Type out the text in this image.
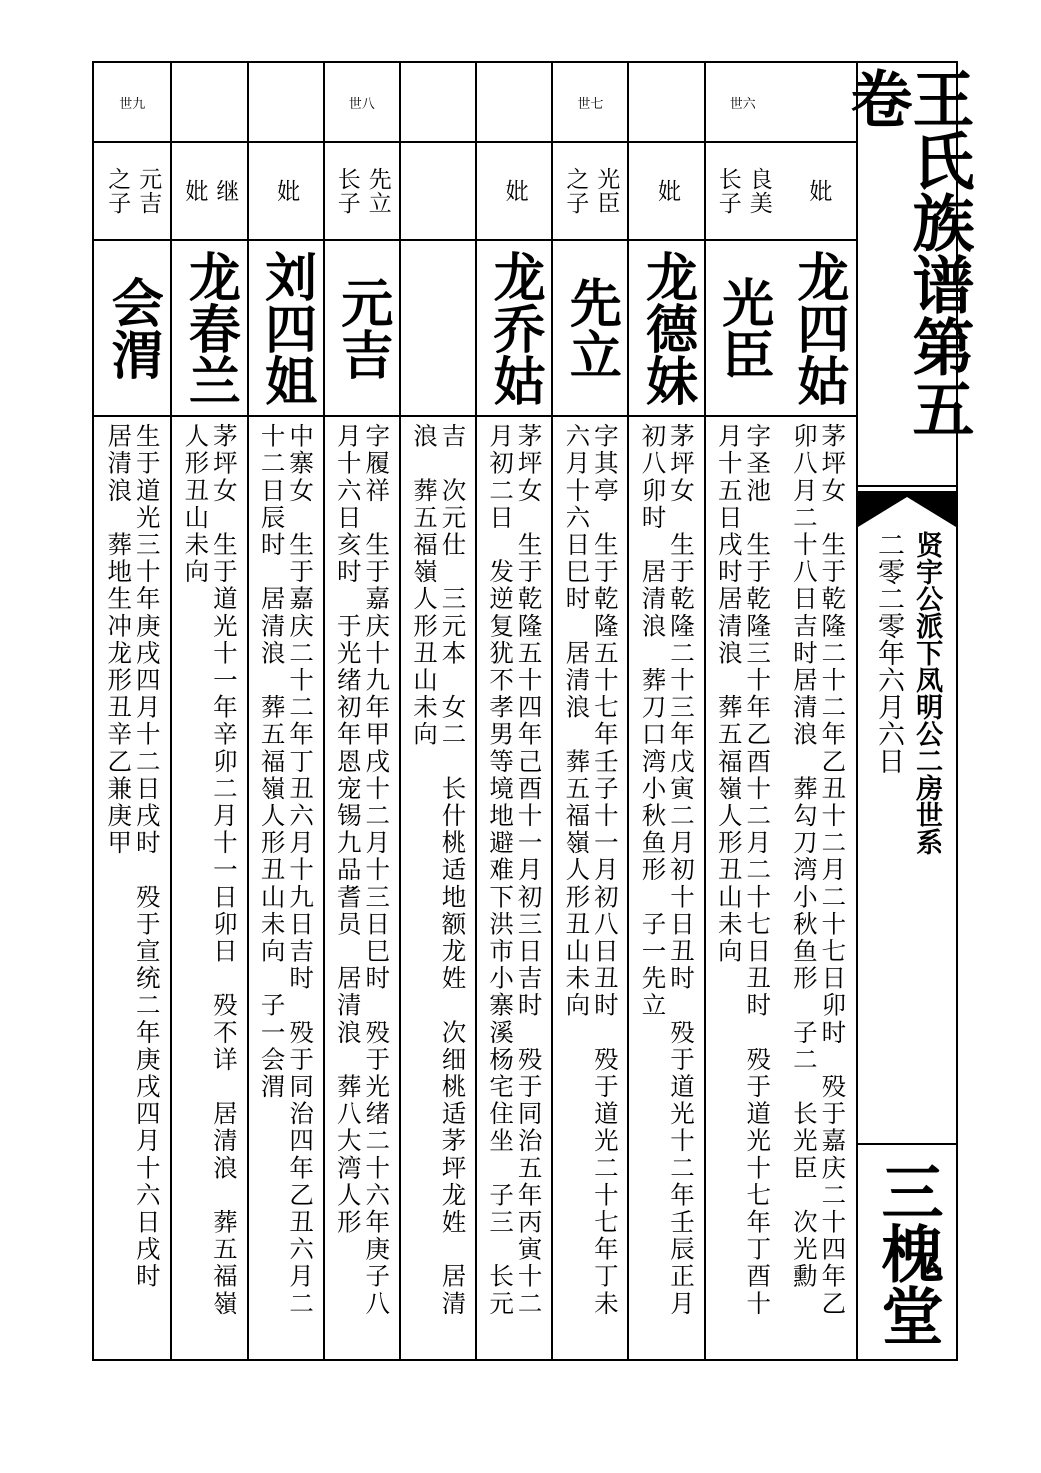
妣
龙四姑
茅坪女　生于乾隆二十二年乙丑十二月二十七日卯时　殁于嘉庆二十四年乙
卯八月二十八日吉时居清浪　葬勾刀湾小秋鱼形　子二　长光臣　次光勳
世六
良美
长子
光臣
字圣池　生于乾隆三十年乙酉十二月二十七日丑时　殁于道光十七年丁酉十
月十五日戌时居清浪　葬五福嶺人形丑山未向
妣
龙德妹
茅坪女　生于乾隆二十三年戊寅二月初十日丑时　殁于道光十二年壬辰正月
初八卯时　居清浪　葬刀口湾小秋鱼形　子一先立
世七
光臣
之子
先立
字其亭　生于乾隆五十七年壬子十一月初八日丑时　殁于道光二十七年丁未
六月十六日巳时　居清浪　葬五福嶺人形丑山未向
妣
龙乔姑
茅坪女　生于乾隆五十四年己酉十一月初三日吉时　殁于同治五年丙寅十二
月初二日　发逆复犹不孝男等境地避难下洪市小寨溪杨宅住坐　子三　长元
吉　次元仕　三元本　女二　长什桃适地额龙姓　次细桃适茅坪龙姓　居清
浪　葬五福嶺人形丑山未向
世八
先立
长子
元吉
字履祥　生于嘉庆十九年甲戌十二月十三日巳时　殁于光绪二十六年庚子八
月十六日亥时　于光绪初年恩宠锡九品耆员　居清浪　葬八大湾人形
妣
刘四姐
中寨女　生于嘉庆二十二年丁丑六月十九日吉时　殁于同治四年乙丑六月二
十二日辰时　居清浪　葬五福嶺人形丑山未向　子一会渭
继
妣
龙春兰
茅坪女　生于道光十一年辛卯二月十一日卯日　殁不详　居清浪　葬五福嶺
人形丑山未向
世九
元吉
之子
会渭
生于道光三十年庚戌四月十二日戌时　殁于宣统二年庚戌四月十六日戌时
居清浪　葬地生冲龙形丑辛乙兼庚甲
王氏族谱第五卷
贤宇公派下凤明公二房世系
二零二零年六月六日
三槐堂
